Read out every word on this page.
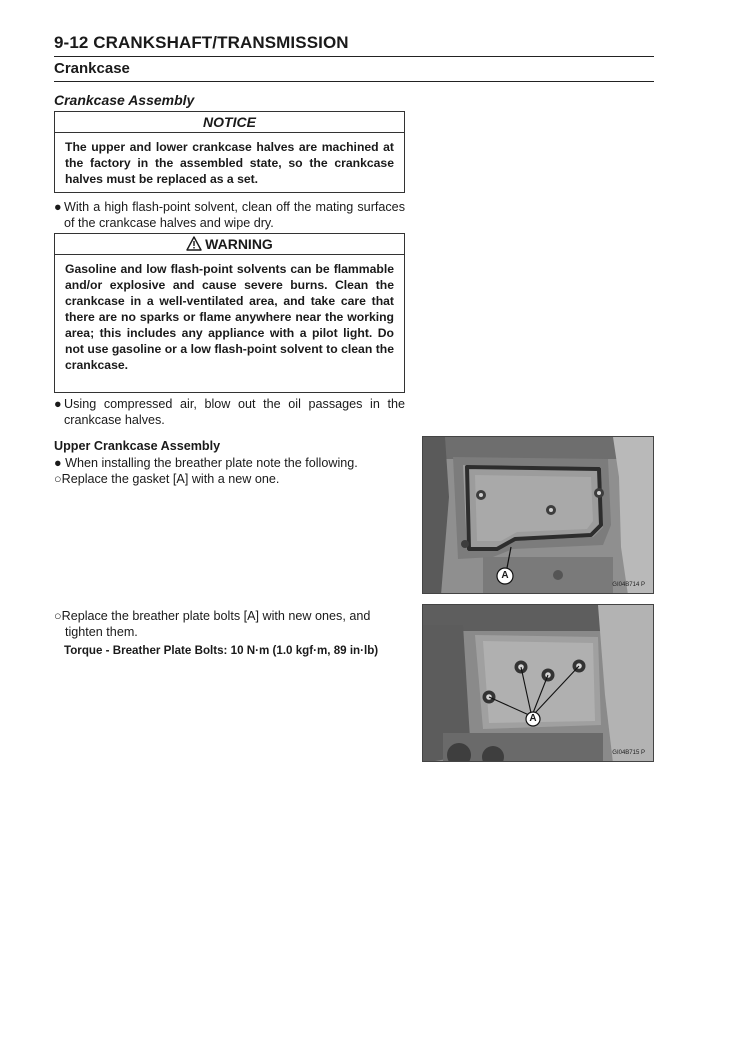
9-12 CRANKSHAFT/TRANSMISSION
Crankcase
Crankcase Assembly
NOTICE
The upper and lower crankcase halves are machined at the factory in the assembled state, so the crankcase halves must be replaced as a set.
● With a high flash-point solvent, clean off the mating surfaces of the crankcase halves and wipe dry.
WARNING
Gasoline and low flash-point solvents can be flammable and/or explosive and cause severe burns. Clean the crankcase in a well-ventilated area, and take care that there are no sparks or flame anywhere near the working area; this includes any appliance with a pilot light. Do not use gasoline or a low flash-point solvent to clean the crankcase.
● Using compressed air, blow out the oil passages in the crankcase halves.
Upper Crankcase Assembly
● When installing the breather plate note the following.
○Replace the gasket [A] with a new one.
○Replace the breather plate bolts [A] with new ones, and
tighten them.
Torque - Breather Plate Bolts: 10 N·m (1.0 kgf·m, 89 in·lb)
A
GI04B714 P
A
GI04B715 P
